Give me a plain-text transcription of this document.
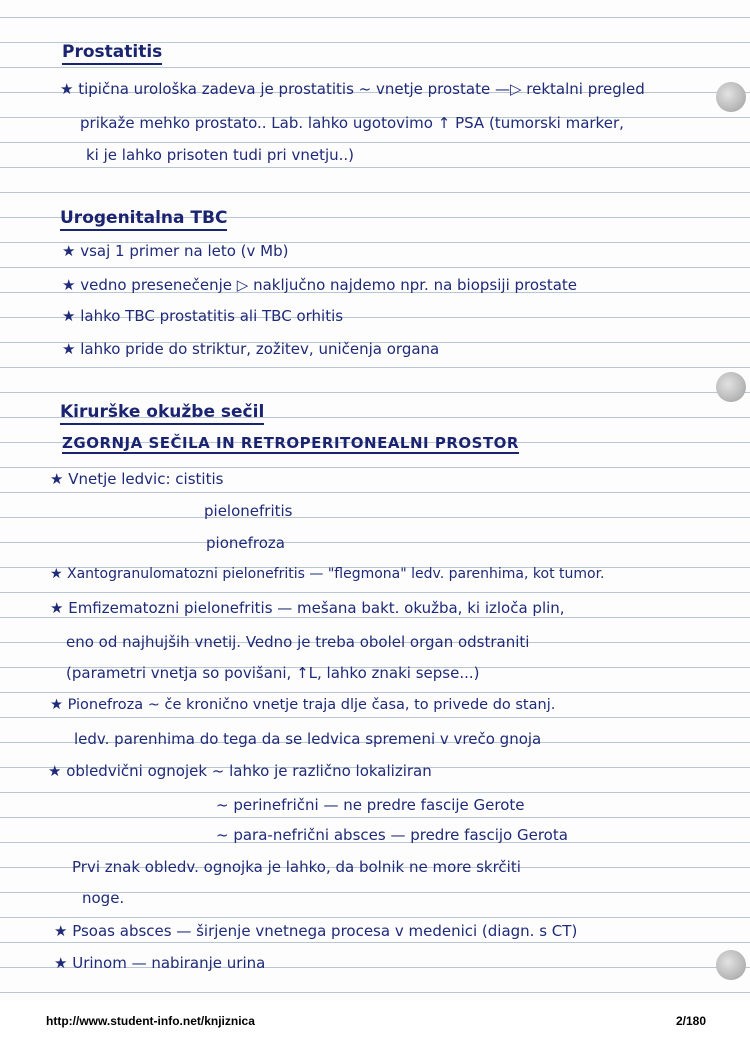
Prostatitis
★ tipična urološka zadeva je prostatitis ~ vnetje prostate —▷ rektalni pregled
prikaže mehko prostato.. Lab. lahko ugotovimo ↑ PSA (tumorski marker,
ki je lahko prisoten tudi pri vnetju..)
Urogenitalna TBC
★ vsaj 1 primer na leto (v Mb)
★ vedno presenečenje ▷ naključno najdemo npr. na biopsiji prostate
★ lahko TBC prostatitis ali TBC orhitis
★ lahko pride do striktur, zožitev, uničenja organa
Kirurške okužbe sečil
ZGORNJA SEČILA IN RETROPERITONEALNI PROSTOR
★ Vnetje ledvic: cistitis
pielonefritis
pionefroza
★ Xantogranulomatozni pielonefritis — "flegmona" ledv. parenhima, kot tumor.
★ Emfizematozni pielonefritis — mešana bakt. okužba, ki izloča plin,
eno od najhujših vnetij. Vedno je treba obolel organ odstraniti
(parametri vnetja so povišani, ↑L, lahko znaki sepse...)
★ Pionefroza ~ če kronično vnetje traja dlje časa, to privede do stanj.
ledv. parenhima do tega da se ledvica spremeni v vrečo gnoja
★ obledvični ognojek ~ lahko je različno lokaliziran
~ perinefrični — ne predre fascije Gerote
~ para-nefrični absces — predre fascijo Gerota
Prvi znak obledv. ognojka je lahko, da bolnik ne more skrčiti
noge.
★ Psoas absces — širjenje vnetnega procesa v medenici (diagn. s CT)
★ Urinom — nabiranje urina
http://www.student-info.net/knjiznica	2/180
